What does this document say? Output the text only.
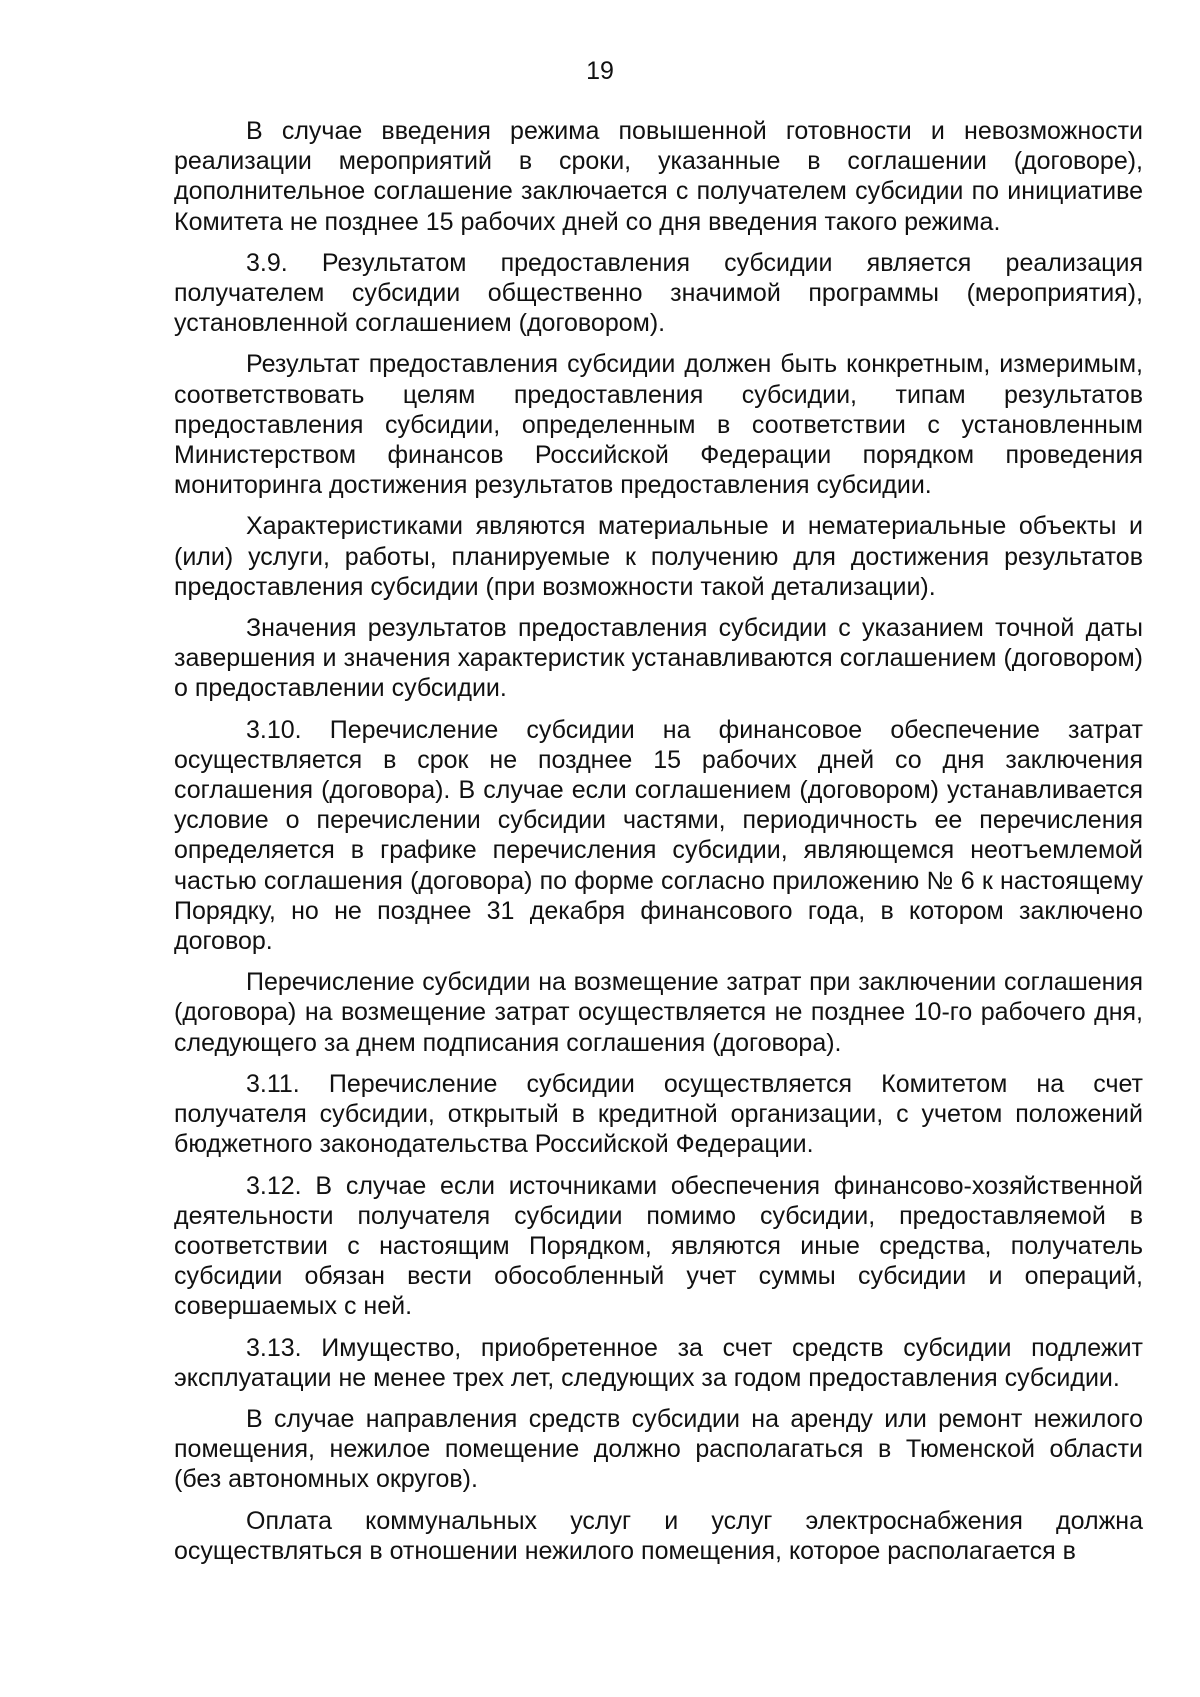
19

В случае введения режима повышенной готовности и невозможности реализации мероприятий в сроки, указанные в соглашении (договоре), дополнительное соглашение заключается с получателем субсидии по инициативе Комитета не позднее 15 рабочих дней со дня введения такого режима.

3.9. Результатом предоставления субсидии является реализация получателем субсидии общественно значимой программы (мероприятия), установленной соглашением (договором).

Результат предоставления субсидии должен быть конкретным, измеримым, соответствовать целям предоставления субсидии, типам результатов предоставления субсидии, определенным в соответствии с установленным Министерством финансов Российской Федерации порядком проведения мониторинга достижения результатов предоставления субсидии.

Характеристиками являются материальные и нематериальные объекты и (или) услуги, работы, планируемые к получению для достижения результатов предоставления субсидии (при возможности такой детализации).

Значения результатов предоставления субсидии с указанием точной даты завершения и значения характеристик устанавливаются соглашением (договором) о предоставлении субсидии.

3.10. Перечисление субсидии на финансовое обеспечение затрат осуществляется в срок не позднее 15 рабочих дней со дня заключения соглашения (договора). В случае если соглашением (договором) устанавливается условие о перечислении субсидии частями, периодичность ее перечисления определяется в графике перечисления субсидии, являющемся неотъемлемой частью соглашения (договора) по форме согласно приложению № 6 к настоящему Порядку, но не позднее 31 декабря финансового года, в котором заключено договор.

Перечисление субсидии на возмещение затрат при заключении соглашения (договора) на возмещение затрат осуществляется не позднее 10-го рабочего дня, следующего за днем подписания соглашения (договора).

3.11. Перечисление субсидии осуществляется Комитетом на счет получателя субсидии, открытый в кредитной организации, с учетом положений бюджетного законодательства Российской Федерации.

3.12. В случае если источниками обеспечения финансово-хозяйственной деятельности получателя субсидии помимо субсидии, предоставляемой в соответствии с настоящим Порядком, являются иные средства, получатель субсидии обязан вести обособленный учет суммы субсидии и операций, совершаемых с ней.

3.13. Имущество, приобретенное за счет средств субсидии подлежит эксплуатации не менее трех лет, следующих за годом предоставления субсидии.

В случае направления средств субсидии на аренду или ремонт нежилого помещения, нежилое помещение должно располагаться в Тюменской области (без автономных округов).

Оплата коммунальных услуг и услуг электроснабжения должна осуществляться в отношении нежилого помещения, которое располагается в
